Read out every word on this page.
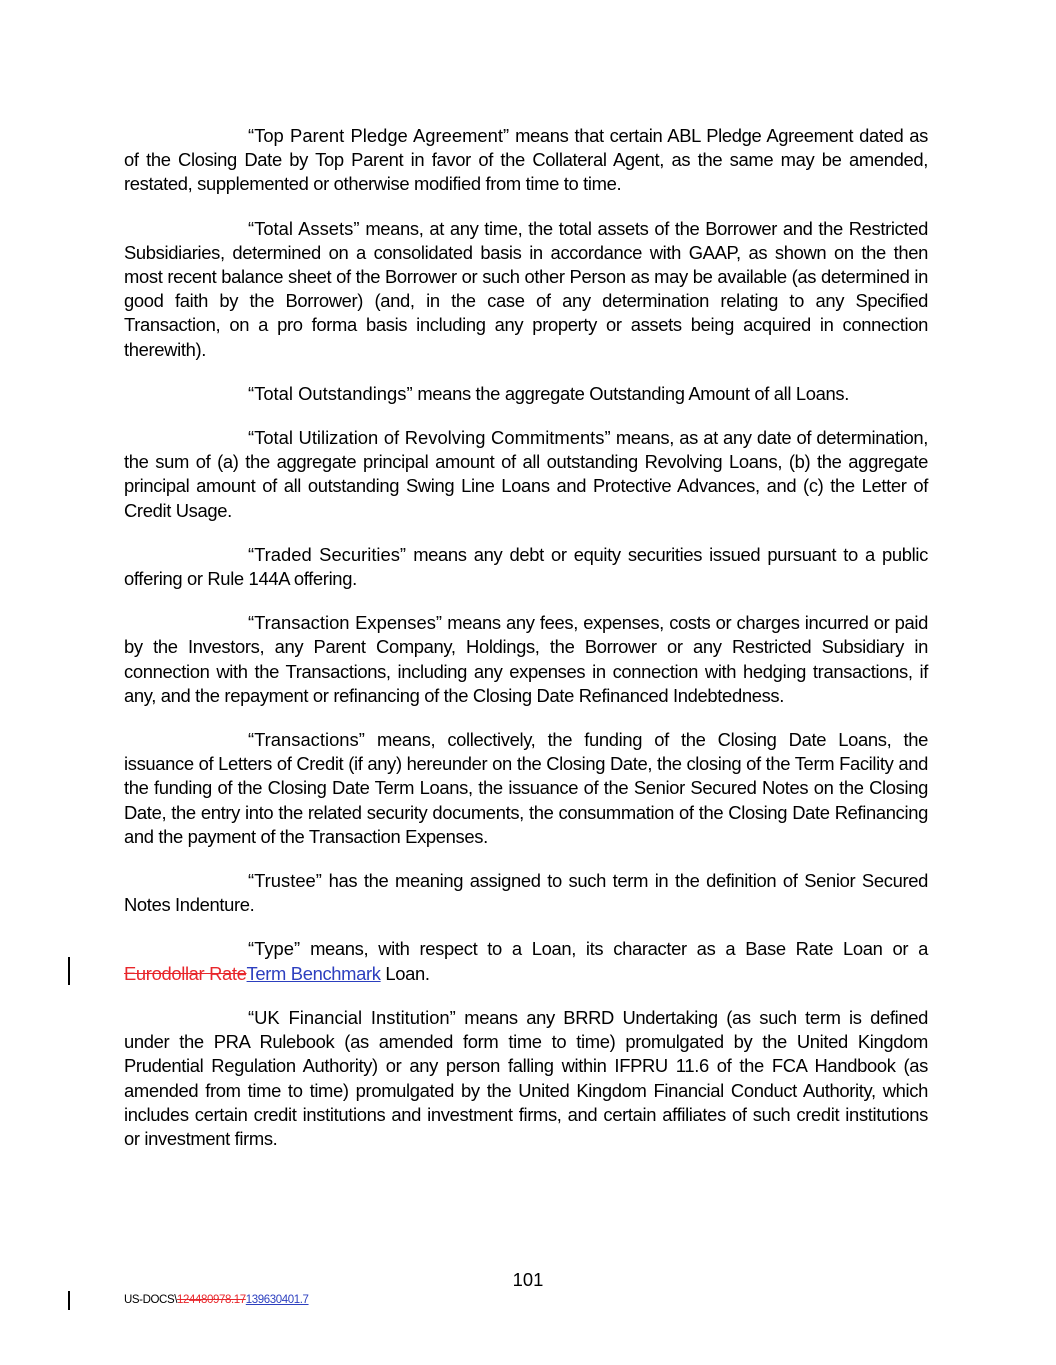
“Top Parent Pledge Agreement” means that certain ABL Pledge Agreement dated as of the Closing Date by Top Parent in favor of the Collateral Agent, as the same may be amended, restated, supplemented or otherwise modified from time to time.

“Total Assets” means, at any time, the total assets of the Borrower and the Restricted Subsidiaries, determined on a consolidated basis in accordance with GAAP, as shown on the then most recent balance sheet of the Borrower or such other Person as may be available (as determined in good faith by the Borrower) (and, in the case of any determination relating to any Specified Transaction, on a pro forma basis including any property or assets being acquired in connection therewith).

“Total Outstandings” means the aggregate Outstanding Amount of all Loans.

“Total Utilization of Revolving Commitments” means, as at any date of determination, the sum of (a) the aggregate principal amount of all outstanding Revolving Loans, (b) the aggregate principal amount of all outstanding Swing Line Loans and Protective Advances, and (c) the Letter of Credit Usage.

“Traded Securities” means any debt or equity securities issued pursuant to a public offering or Rule 144A offering.

“Transaction Expenses” means any fees, expenses, costs or charges incurred or paid by the Investors, any Parent Company, Holdings, the Borrower or any Restricted Subsidiary in connection with the Transactions, including any expenses in connection with hedging transactions, if any, and the repayment or refinancing of the Closing Date Refinanced Indebtedness.

“Transactions” means, collectively, the funding of the Closing Date Loans, the issuance of Letters of Credit (if any) hereunder on the Closing Date, the closing of the Term Facility and the funding of the Closing Date Term Loans, the issuance of the Senior Secured Notes on the Closing Date, the entry into the related security documents, the consummation of the Closing Date Refinancing and the payment of the Transaction Expenses.

“Trustee” has the meaning assigned to such term in the definition of Senior Secured Notes Indenture.

“Type” means, with respect to a Loan, its character as a Base Rate Loan or a Eurodollar RateTerm Benchmark Loan.

“UK Financial Institution” means any BRRD Undertaking (as such term is defined under the PRA Rulebook (as amended form time to time) promulgated by the United Kingdom Prudential Regulation Authority) or any person falling within IFPRU 11.6 of the FCA Handbook (as amended from time to time) promulgated by the United Kingdom Financial Conduct Authority, which includes certain credit institutions and investment firms, and certain affiliates of such credit institutions or investment firms.

101
US-DOCS\124480978.17139630401.7
